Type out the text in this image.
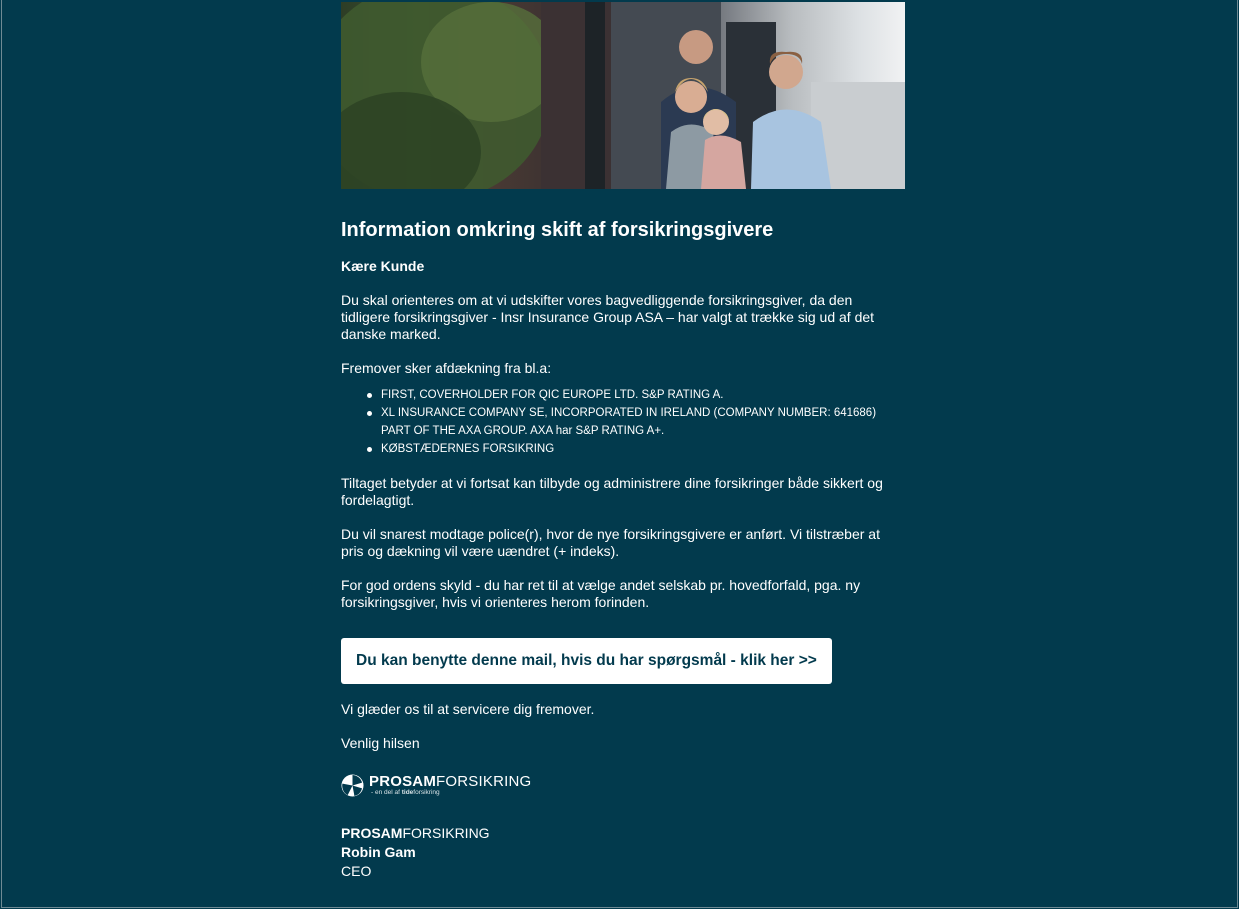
Information omkring skift af forsikringsgivere

Kære Kunde

Du skal orienteres om at vi udskifter vores bagvedliggende forsikringsgiver, da den tidligere forsikringsgiver - Insr Insurance Group ASA – har valgt at trække sig ud af det danske marked.

Fremover sker afdækning fra bl.a:

FIRST, COVERHOLDER FOR QIC EUROPE LTD. S&P RATING A.
XL INSURANCE COMPANY SE, INCORPORATED IN IRELAND (COMPANY NUMBER: 641686) PART OF THE AXA GROUP. AXA har S&P RATING A+.
KØBSTÆDERNES FORSIKRING

Tiltaget betyder at vi fortsat kan tilbyde og administrere dine forsikringer både sikkert og fordelagtigt.

Du vil snarest modtage police(r), hvor de nye forsikringsgivere er anført. Vi tilstræber at pris og dækning vil være uændret (+ indeks).

For god ordens skyld - du har ret til at vælge andet selskab pr. hovedforfald, pga. ny forsikringsgiver, hvis vi orienteres herom forinden.

Du kan benytte denne mail, hvis du har spørgsmål - klik her >>

Vi glæder os til at servicere dig fremover.

Venlig hilsen

PROSAMFORSIKRING
- en del af tideforsikring
PROSAMFORSIKRING
Robin Gam
CEO
